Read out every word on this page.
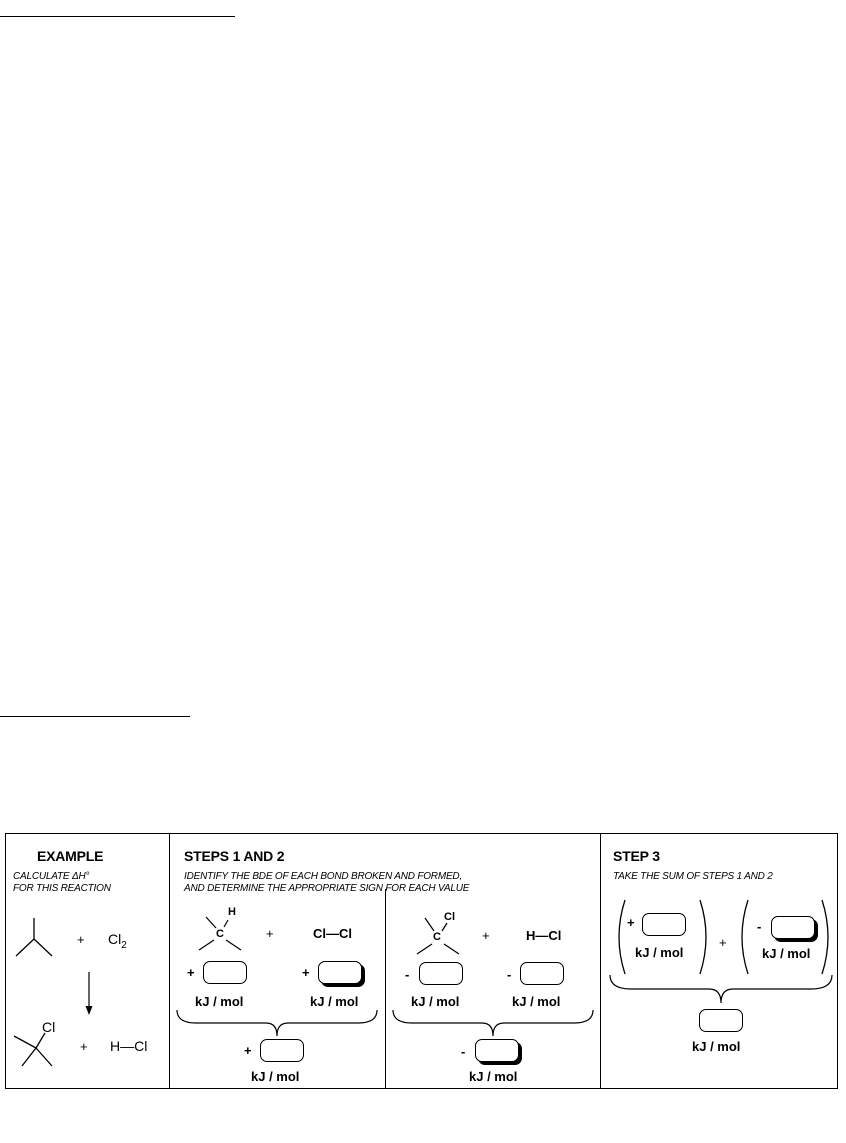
EXAMPLE
CALCULATE ΔH°
FOR THIS REACTION
+ $Cl_2$
Cl
+ H—Cl
STEPS 1 AND 2
IDENTIFY THE BDE OF EACH BOND BROKEN AND FORMED,
AND DETERMINE THE APPROPRIATE SIGN FOR EACH VALUE
H
C	+	Cl—Cl
+
kJ / mol
+
kJ / mol
+
kJ / mol
Cl
C	+	H—Cl
-
kJ / mol
-
kJ / mol
-
kJ / mol
STEP 3
TAKE THE SUM OF STEPS 1 AND 2
+
kJ / mol
+
-
kJ / mol
kJ / mol
